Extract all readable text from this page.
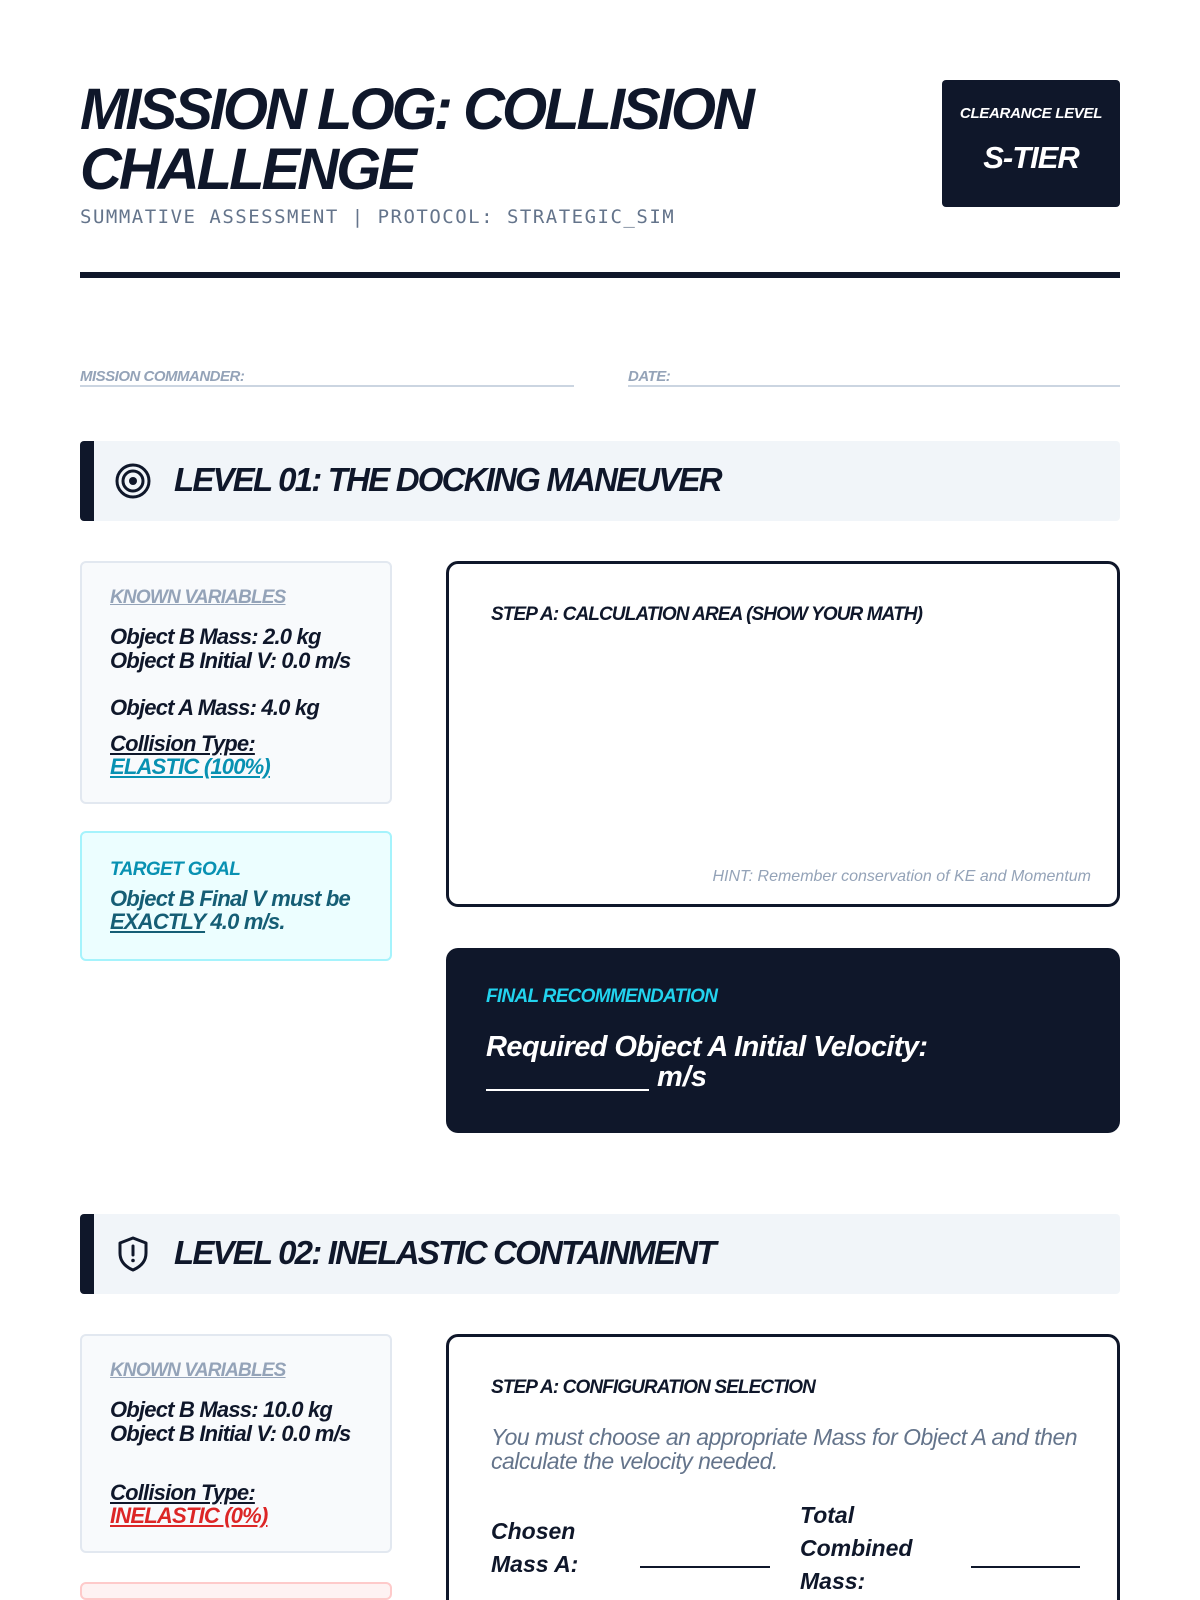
MISSION LOG: COLLISION CHALLENGE
SUMMATIVE ASSESSMENT | PROTOCOL: STRATEGIC_SIM
CLEARANCE LEVEL
S-TIER
MISSION COMMANDER:	DATE:
LEVEL 01: THE DOCKING MANEUVER
KNOWN VARIABLES
Object B Mass: 2.0 kg
Object B Initial V: 0.0 m/s
Object A Mass: 4.0 kg
Collision Type:
ELASTIC (100%)
TARGET GOAL
Object B Final V must be EXACTLY 4.0 m/s.
STEP A: CALCULATION AREA (SHOW YOUR MATH)
HINT: Remember conservation of KE and Momentum
FINAL RECOMMENDATION
Required Object A Initial Velocity:
m/s
LEVEL 02: INELASTIC CONTAINMENT
KNOWN VARIABLES
Object B Mass: 10.0 kg
Object B Initial V: 0.0 m/s
Collision Type:
INELASTIC (0%)
STEP A: CONFIGURATION SELECTION
You must choose an appropriate Mass for Object A and then calculate the velocity needed.
Chosen Mass A:
Total Combined Mass:
